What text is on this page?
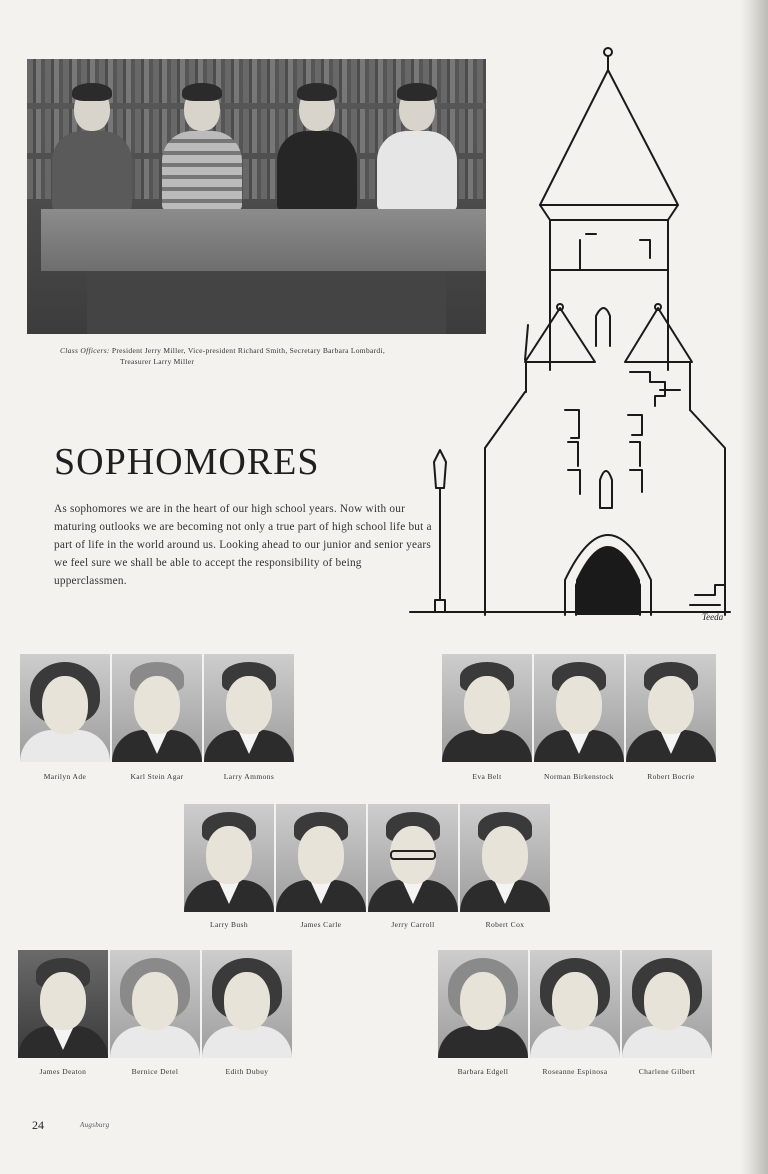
Class Officers: President Jerry Miller, Vice-president Richard Smith, Secretary Barbara Lombardi,
Treasurer Larry Miller
SOPHOMORES

As sophomores we are in the heart of our high school years. Now with our maturing outlooks we are becoming not only a true part of high school life but a part of life in the world around us. Looking ahead to our junior and senior years we feel sure we shall be able to accept the responsibility of being upperclassmen.

Teeda
Marilyn Ade	Karl Stein Agar	Larry Ammons	Eva Belt	Norman Birkenstock	Robert Bocrie
Larry Bush	James Carle	Jerry Carroll	Robert Cox
James Deaton	Bernice Detel	Edith Dubuy	Barbara Edgell	Roseanne Espinosa	Charlene Gilbert
24	Augsburg
